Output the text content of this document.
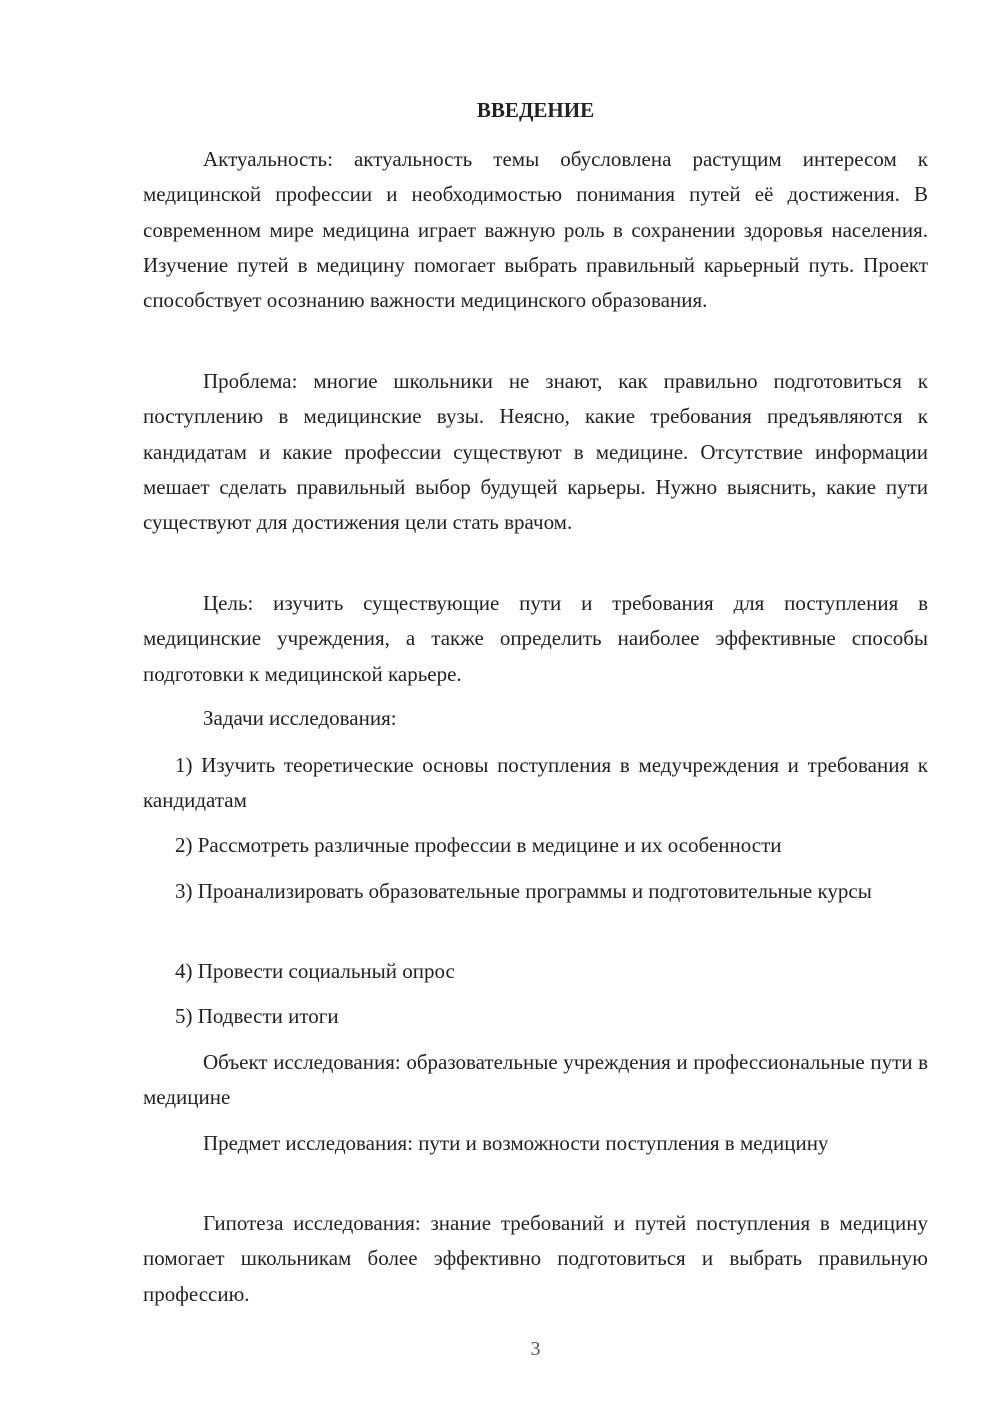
ВВЕДЕНИЕ

Актуальность: актуальность темы обусловлена растущим интересом к медицинской профессии и необходимостью понимания путей её достижения. В современном мире медицина играет важную роль в сохранении здоровья населения. Изучение путей в медицину помогает выбрать правильный карьерный путь. Проект способствует осознанию важности медицинского образования.

Проблема: многие школьники не знают, как правильно подготовиться к поступлению в медицинские вузы. Неясно, какие требования предъявляются к кандидатам и какие профессии существуют в медицине. Отсутствие информации мешает сделать правильный выбор будущей карьеры. Нужно выяснить, какие пути существуют для достижения цели стать врачом.

Цель: изучить существующие пути и требования для поступления в медицинские учреждения, а также определить наиболее эффективные способы подготовки к медицинской карьере.

Задачи исследования:

1) Изучить теоретические основы поступления в медучреждения и требования к кандидатам

2) Рассмотреть различные профессии в медицине и их особенности

3) Проанализировать образовательные программы и подготовительные курсы

4) Провести социальный опрос

5) Подвести итоги

Объект исследования: образовательные учреждения и профессиональные пути в медицине

Предмет исследования: пути и возможности поступления в медицину

Гипотеза исследования: знание требований и путей поступления в медицину помогает школьникам более эффективно подготовиться и выбрать правильную профессию.

3
